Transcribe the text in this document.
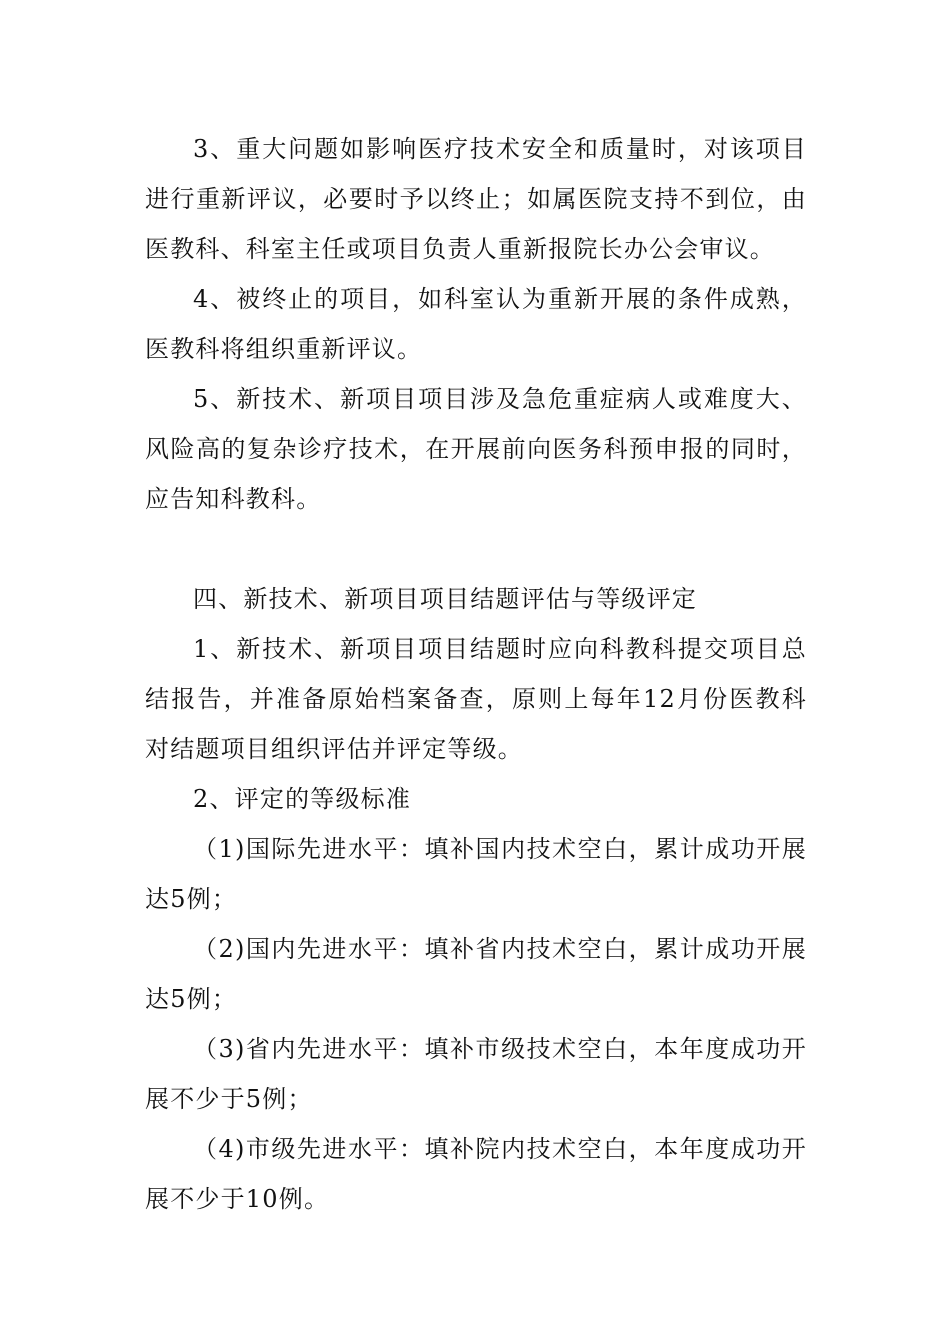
3、重大问题如影响医疗技术安全和质量时，对该项目进行重新评议，必要时予以终止；如属医院支持不到位，由医教科、科室主任或项目负责人重新报院长办公会审议。

4、被终止的项目，如科室认为重新开展的条件成熟，医教科将组织重新评议。

5、新技术、新项目项目涉及急危重症病人或难度大、风险高的复杂诊疗技术，在开展前向医务科预申报的同时，应告知科教科。

四、新技术、新项目项目结题评估与等级评定

1、新技术、新项目项目结题时应向科教科提交项目总结报告，并准备原始档案备查，原则上每年12月份医教科对结题项目组织评估并评定等级。

2、评定的等级标准

（1)国际先进水平：填补国内技术空白，累计成功开展达5例；

（2)国内先进水平：填补省内技术空白，累计成功开展达5例；

（3)省内先进水平：填补市级技术空白，本年度成功开展不少于5例；

（4)市级先进水平：填补院内技术空白，本年度成功开展不少于10例。
